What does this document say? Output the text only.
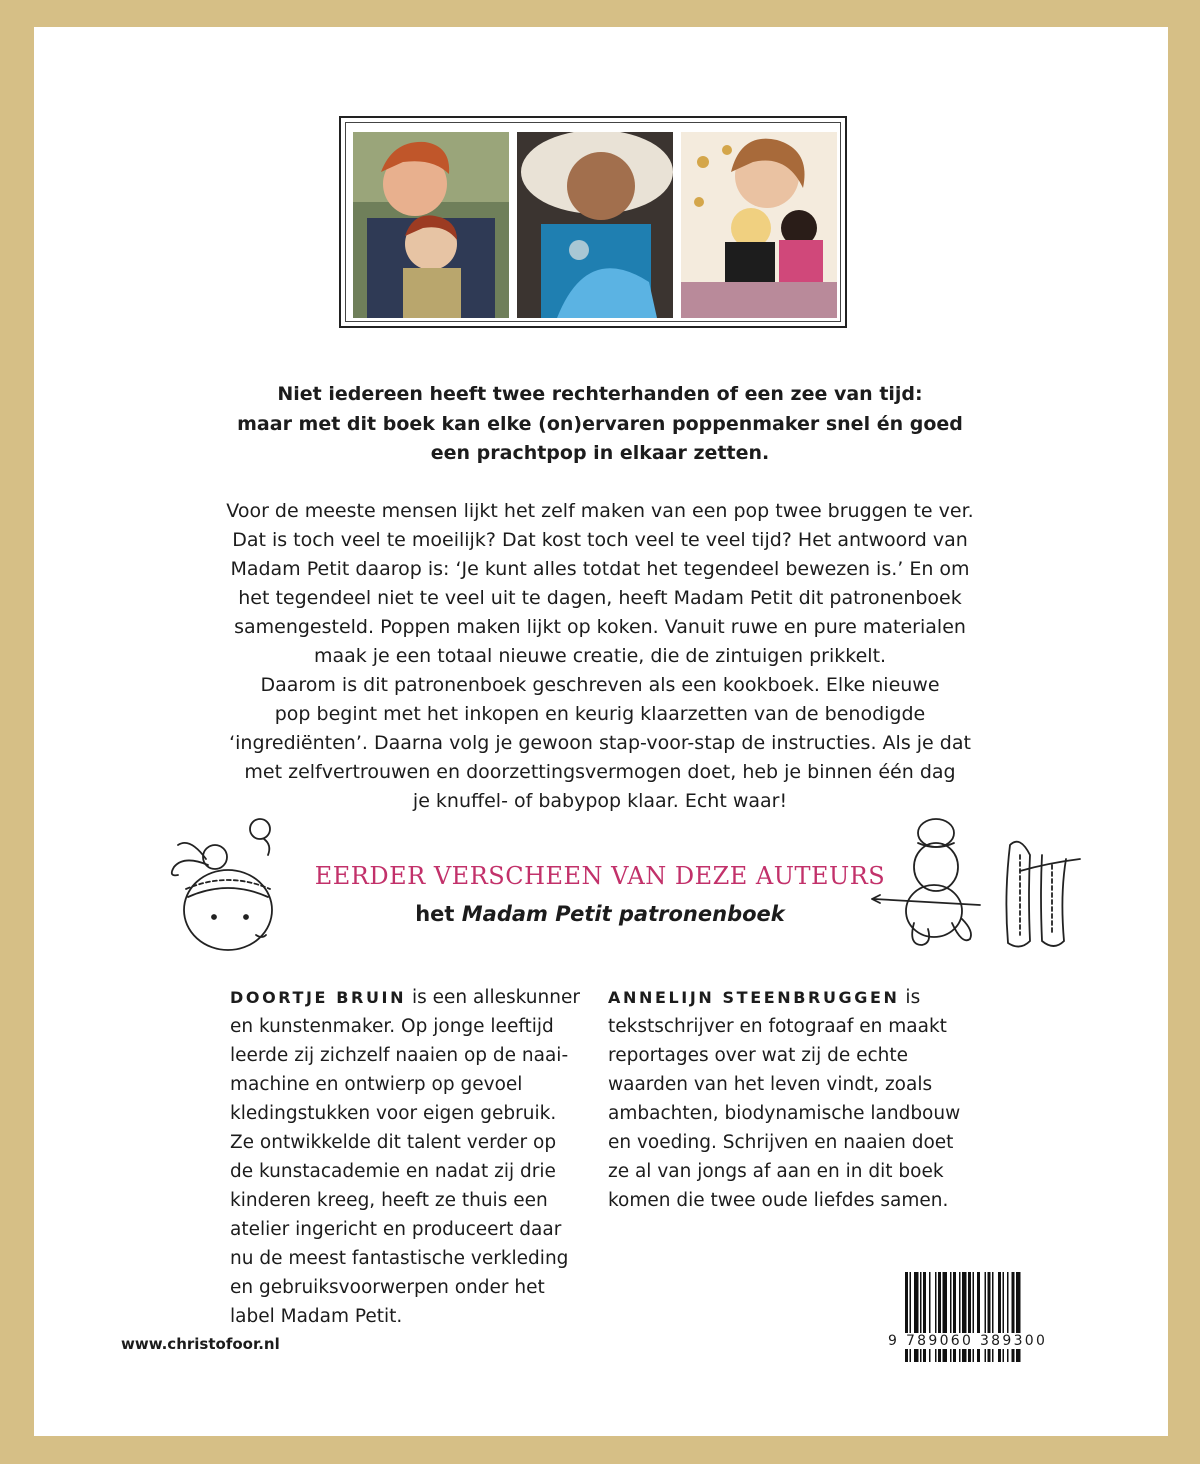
Niet iedereen heeft twee rechterhanden of een zee van tijd:
maar met dit boek kan elke (on)ervaren poppenmaker snel én goed
een prachtpop in elkaar zetten.
Voor de meeste mensen lijkt het zelf maken van een pop twee bruggen te ver.
Dat is toch veel te moeilijk? Dat kost toch veel te veel tijd? Het antwoord van
Madam Petit daarop is: ‘Je kunt alles totdat het tegendeel bewezen is.’ En om
het tegendeel niet te veel uit te dagen, heeft Madam Petit dit patronenboek
samengesteld. Poppen maken lijkt op koken. Vanuit ruwe en pure materialen
maak je een totaal nieuwe creatie, die de zintuigen prikkelt.
Daarom is dit patronenboek geschreven als een kookboek. Elke nieuwe
pop begint met het inkopen en keurig klaarzetten van de benodigde
‘ingrediënten’. Daarna volg je gewoon stap-voor-stap de instructies. Als je dat
met zelfvertrouwen en doorzettingsvermogen doet, heb je binnen één dag
je knuffel- of babypop klaar. Echt waar!
EERDER VERSCHEEN VAN DEZE AUTEURS
het Madam Petit patronenboek
DOORTJE BRUIN is een alleskunner
en kunstenmaker. Op jonge leeftijd
leerde zij zichzelf naaien op de naai-
machine en ontwierp op gevoel
kledingstukken voor eigen gebruik.
Ze ontwikkelde dit talent verder op
de kunstacademie en nadat zij drie
kinderen kreeg, heeft ze thuis een
atelier ingericht en produceert daar
nu de meest fantastische verkleding
en gebruiksvoorwerpen onder het
label Madam Petit.
ANNELIJN STEENBRUGGEN is
tekstschrijver en fotograaf en maakt
reportages over wat zij de echte
waarden van het leven vindt, zoals
ambachten, biodynamische landbouw
en voeding. Schrijven en naaien doet
ze al van jongs af aan en in dit boek
komen die twee oude liefdes samen.
www.christofoor.nl	9 789060 389300
